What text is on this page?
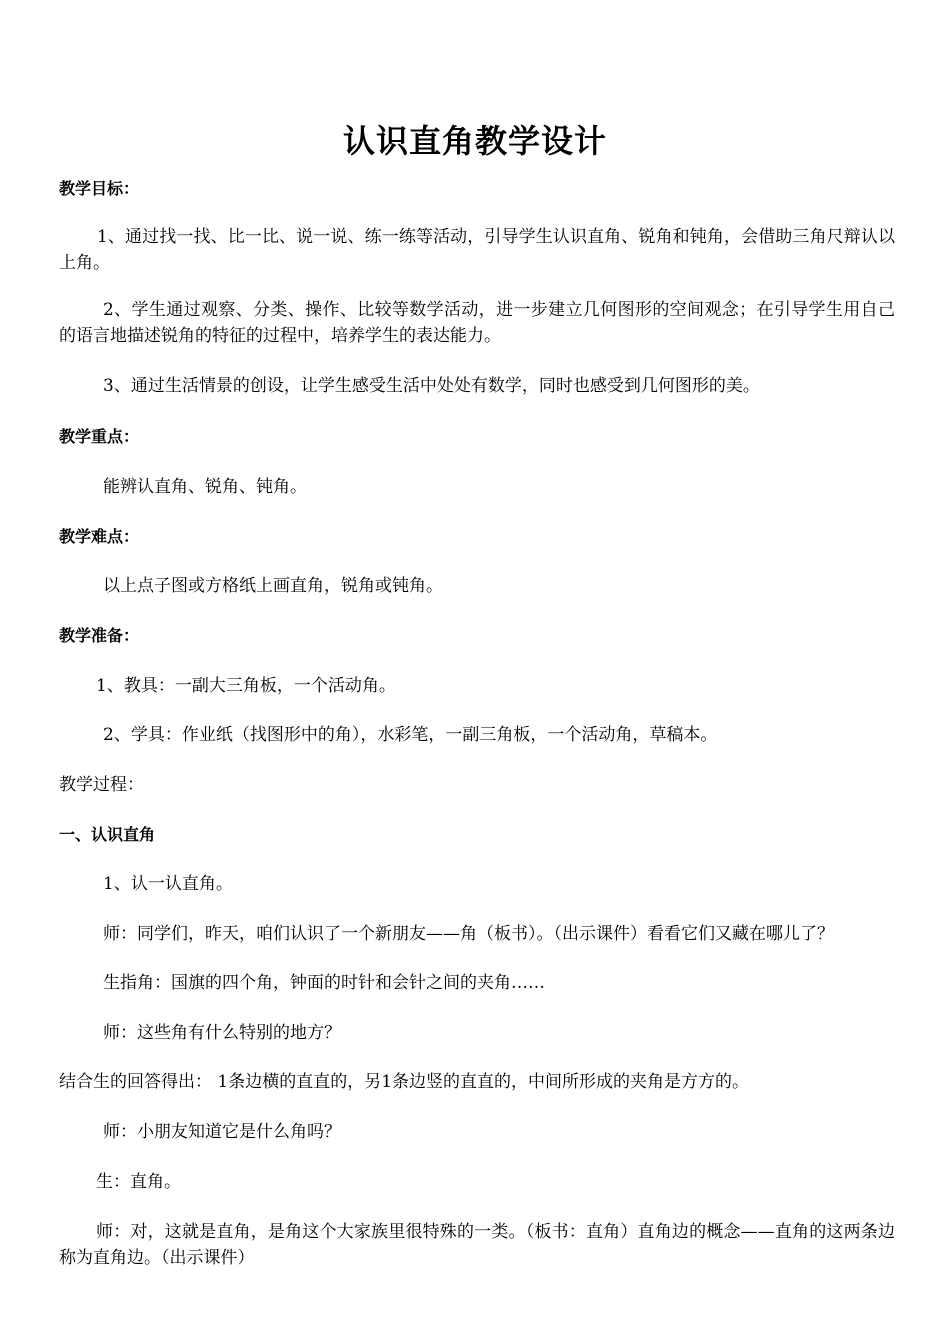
认识直角教学设计

教学目标：

1、通过找一找、比一比、说一说、练一练等活动，引导学生认识直角、锐角和钝角，会借助三角尺辩认以上角。

2、学生通过观察、分类、操作、比较等数学活动，进一步建立几何图形的空间观念；在引导学生用自己的语言地描述锐角的特征的过程中，培养学生的表达能力。

3、通过生活情景的创设，让学生感受生活中处处有数学，同时也感受到几何图形的美。

教学重点：

能辨认直角、锐角、钝角。

教学难点：

以上点子图或方格纸上画直角，锐角或钝角。

教学准备：

1、教具：一副大三角板，一个活动角。

2、学具：作业纸（找图形中的角），水彩笔，一副三角板，一个活动角，草稿本。

教学过程：

一、认识直角

1、认一认直角。

师：同学们，昨天，咱们认识了一个新朋友——角（板书）。（出示课件）看看它们又藏在哪儿了？

生指角：国旗的四个角，钟面的时针和会针之间的夹角……

师：这些角有什么特别的地方？

结合生的回答得出： 1条边横的直直的，另1条边竖的直直的，中间所形成的夹角是方方的。

师：小朋友知道它是什么角吗？

生：直角。

师：对，这就是直角，是角这个大家族里很特殊的一类。（板书：直角）直角边的概念——直角的这两条边称为直角边。（出示课件）
